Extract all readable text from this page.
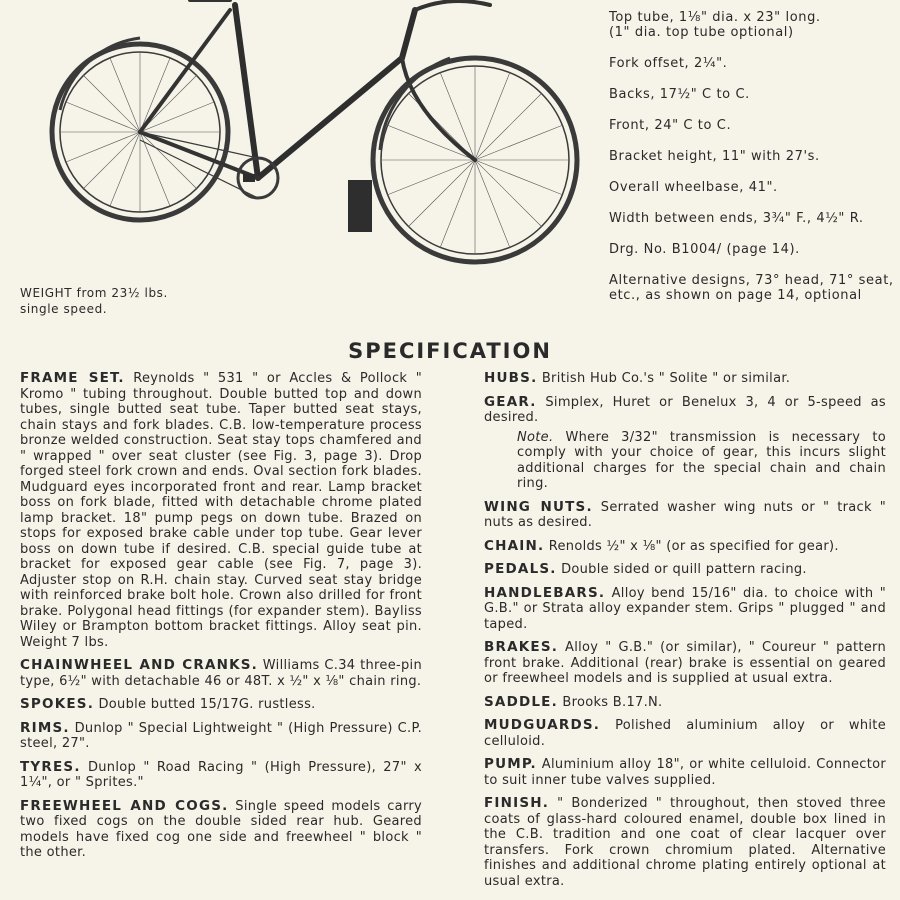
WEIGHT from 23½ lbs.
single speed.
Top tube, 1⅛" dia. x 23" long.
(1" dia. top tube optional)
Fork offset, 2¼".
Backs, 17½" C to C.
Front, 24" C to C.
Bracket height, 11" with 27's.
Overall wheelbase, 41".
Width between ends, 3¾" F., 4½" R.
Drg. No. B1004/ (page 14).
Alternative designs, 73° head, 71° seat,
etc., as shown on page 14, optional
SPECIFICATION
FRAME SET. Reynolds " 531 " or Accles & Pollock " Kromo " tubing throughout. Double butted top and down tubes, single butted seat tube. Taper butted seat stays, chain stays and fork blades. C.B. low-temperature process bronze welded construction. Seat stay tops chamfered and " wrapped " over seat cluster (see Fig. 3, page 3). Drop forged steel fork crown and ends. Oval section fork blades. Mudguard eyes incorporated front and rear. Lamp bracket boss on fork blade, fitted with detachable chrome plated lamp bracket. 18" pump pegs on down tube. Brazed on stops for exposed brake cable under top tube. Gear lever boss on down tube if desired. C.B. special guide tube at bracket for exposed gear cable (see Fig. 7, page 3). Adjuster stop on R.H. chain stay. Curved seat stay bridge with reinforced brake bolt hole. Crown also drilled for front brake. Polygonal head fittings (for expander stem). Bayliss Wiley or Brampton bottom bracket fittings. Alloy seat pin. Weight 7 lbs.
CHAINWHEEL AND CRANKS. Williams C.34 three-pin type, 6½" with detachable 46 or 48T. x ½" x ⅛" chain ring.
SPOKES. Double butted 15/17G. rustless.
RIMS. Dunlop " Special Lightweight " (High Pressure) C.P. steel, 27".
TYRES. Dunlop " Road Racing " (High Pressure), 27" x 1¼", or " Sprites."
FREEWHEEL AND COGS. Single speed models carry two fixed cogs on the double sided rear hub. Geared models have fixed cog one side and freewheel " block " the other.
HUBS. British Hub Co.'s " Solite " or similar.
GEAR. Simplex, Huret or Benelux 3, 4 or 5-speed as desired.
Note. Where 3/32" transmission is necessary to comply with your choice of gear, this incurs slight additional charges for the special chain and chain ring.
WING NUTS. Serrated washer wing nuts or " track " nuts as desired.
CHAIN. Renolds ½" x ⅛" (or as specified for gear).
PEDALS. Double sided or quill pattern racing.
HANDLEBARS. Alloy bend 15/16" dia. to choice with " G.B." or Strata alloy expander stem. Grips " plugged " and taped.
BRAKES. Alloy " G.B." (or similar), " Coureur " pattern front brake. Additional (rear) brake is essential on geared or freewheel models and is supplied at usual extra.
SADDLE. Brooks B.17.N.
MUDGUARDS. Polished aluminium alloy or white celluloid.
PUMP. Aluminium alloy 18", or white celluloid. Connector to suit inner tube valves supplied.
FINISH. " Bonderized " throughout, then stoved three coats of glass-hard coloured enamel, double box lined in the C.B. tradition and one coat of clear lacquer over transfers. Fork crown chromium plated. Alternative finishes and additional chrome plating entirely optional at usual extra.
